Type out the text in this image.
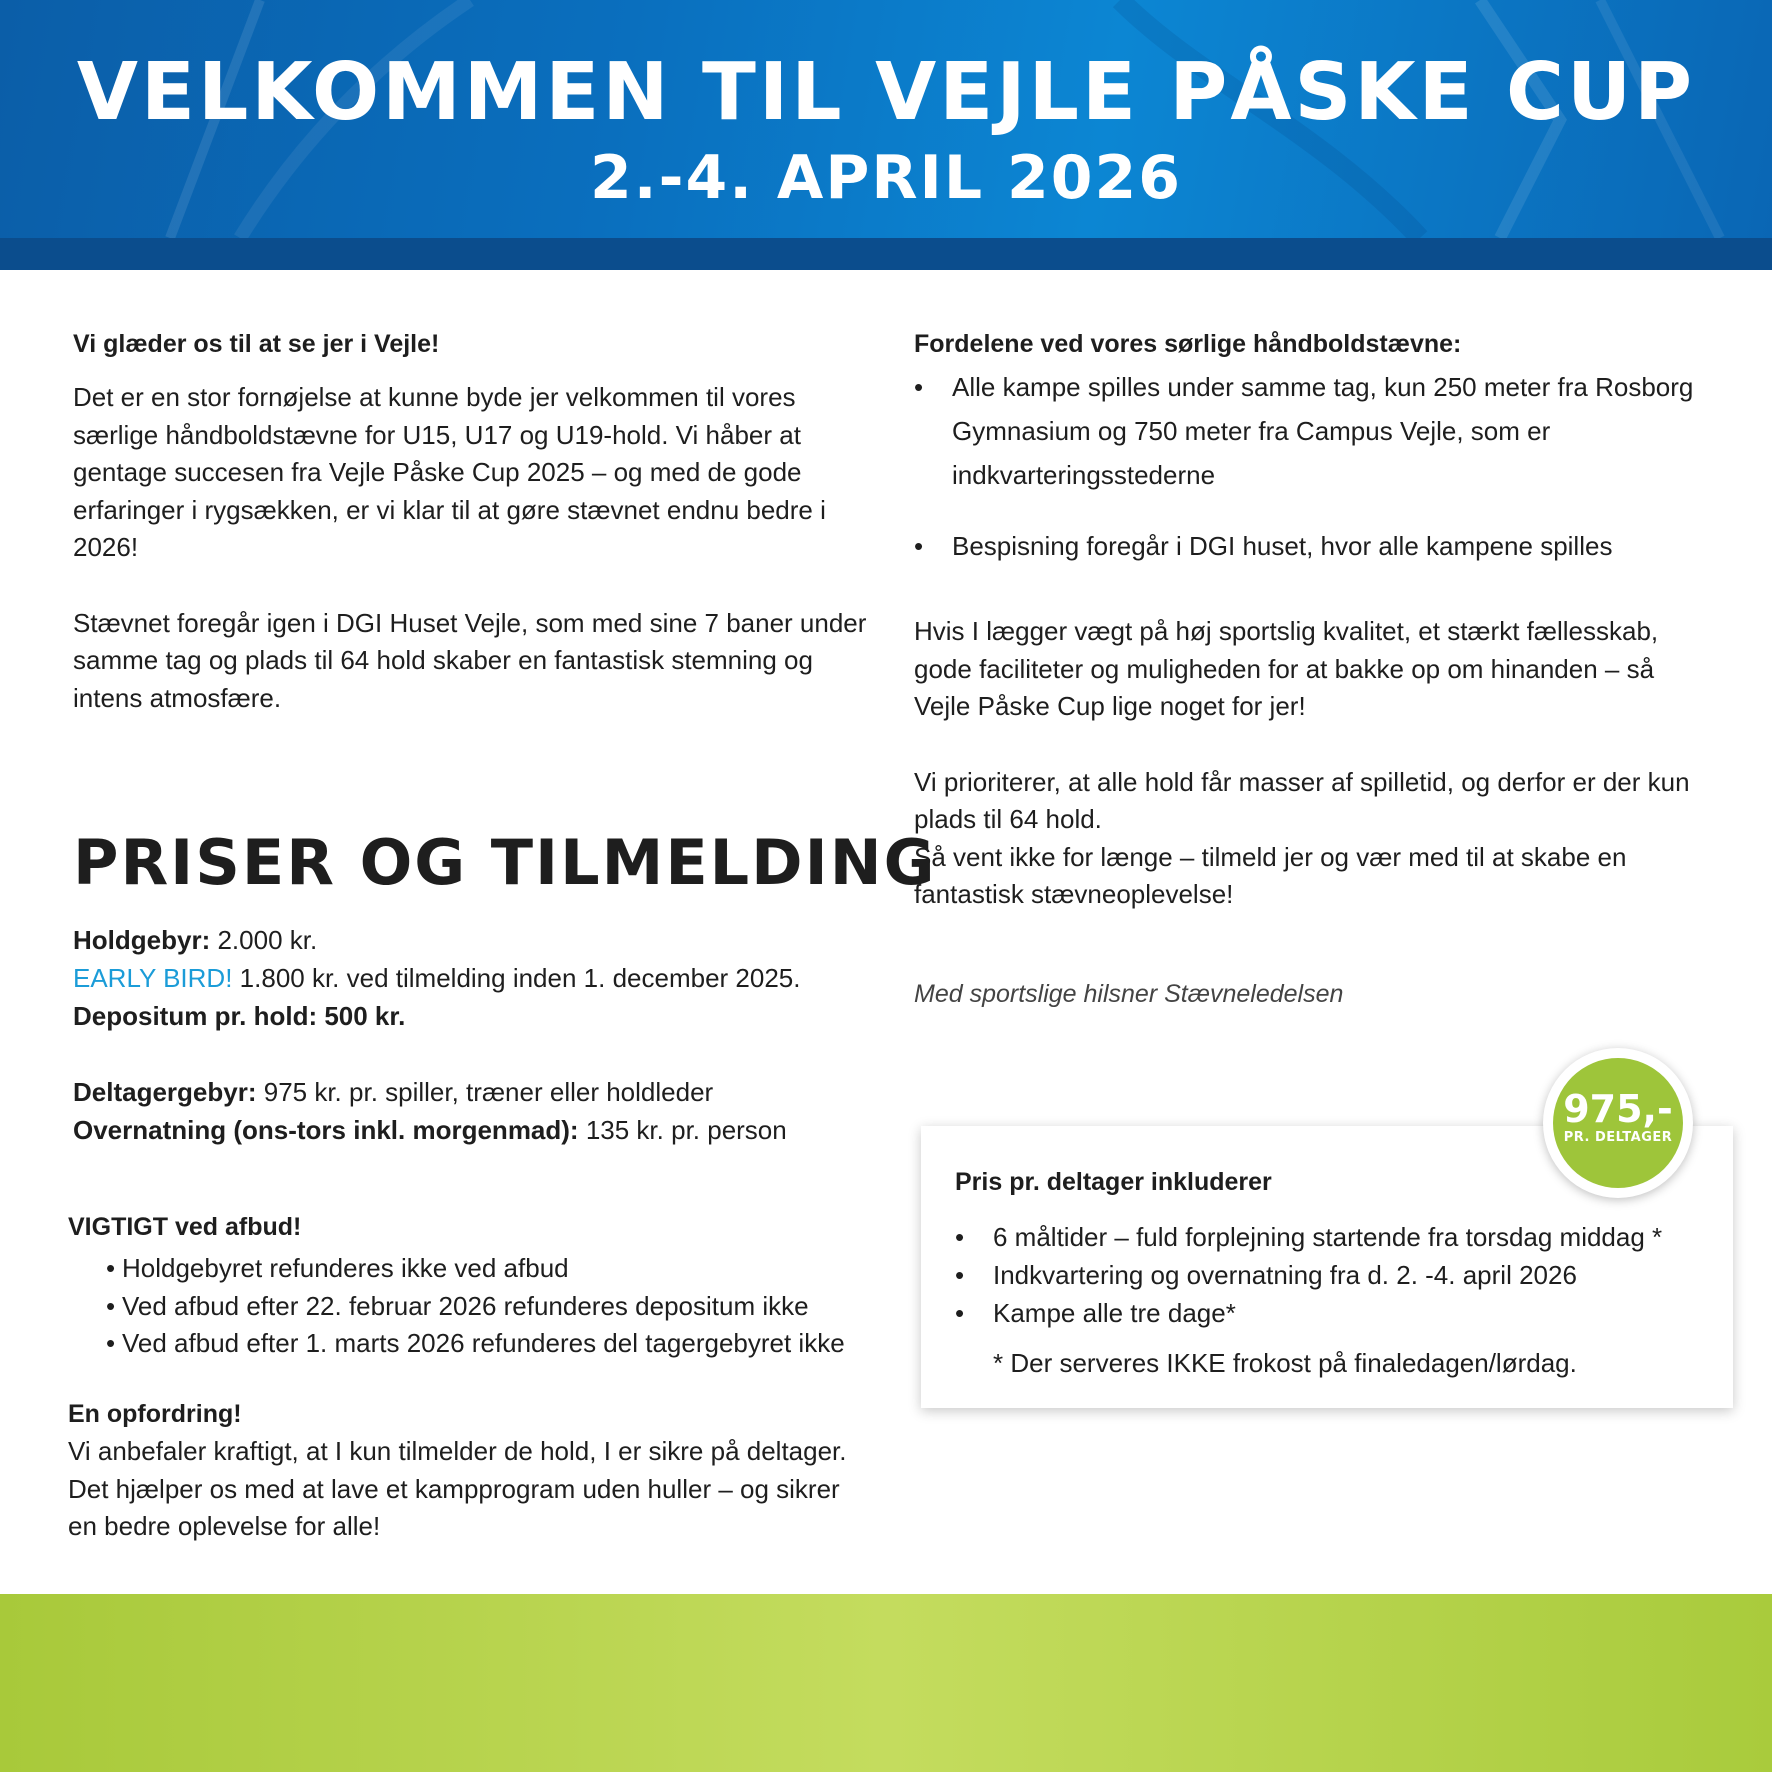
VELKOMMEN TIL VEJLE PÅSKE CUP
2.-4. APRIL 2026
Vi glæder os til at se jer i Vejle!

Det er en stor fornøjelse at kunne byde jer velkommen til vores særlige håndboldstævne for U15, U17 og U19-hold. Vi håber at gentage succesen fra Vejle Påske Cup 2025 – og med de gode erfaringer i rygsækken, er vi klar til at gøre stævnet endnu bedre i 2026!

Stævnet foregår igen i DGI Huset Vejle, som med sine 7 baner under samme tag og plads til 64 hold skaber en fantastisk stemning og intens atmosfære.

PRISER OG TILMELDING
Holdgebyr: 2.000 kr.
EARLY BIRD! 1.800 kr. ved tilmelding inden 1. december 2025.
Depositum pr. hold: 500 kr.
Deltagergebyr: 975 kr. pr. spiller, træner eller holdleder
Overnatning (ons-tors inkl. morgenmad): 135 kr. pr. person
VIGTIGT ved afbud!
• Holdgebyret refunderes ikke ved afbud
• Ved afbud efter 22. februar 2026 refunderes depositum ikke
• Ved afbud efter 1. marts 2026 refunderes del tagergebyret ikke
En opfordring!
Vi anbefaler kraftigt, at I kun tilmelder de hold, I er sikre på deltager. Det hjælper os med at lave et kampprogram uden huller – og sikrer en bedre oplevelse for alle!
Fordelene ved vores sørlige håndboldstævne:
•	Alle kampe spilles under samme tag, kun 250 meter fra Rosborg Gymnasium og 750 meter fra Campus Vejle, som er indkvarteringsstederne
•	Bespisning foregår i DGI huset, hvor alle kampene spilles

Hvis I lægger vægt på høj sportslig kvalitet, et stærkt fællesskab, gode faciliteter og muligheden for at bakke op om hinanden – så Vejle Påske Cup lige noget for jer!

Vi prioriterer, at alle hold får masser af spilletid, og derfor er der kun plads til 64 hold.

Så vent ikke for længe – tilmeld jer og vær med til at skabe en fantastisk stævneoplevelse!

Med sportslige hilsner Stævneledelsen
Pris pr. deltager inkluderer
• 6 måltider – fuld forplejning startende fra torsdag middag *
• Indkvartering og overnatning fra d. 2. -4. april 2026
• Kampe alle tre dage*
* Der serveres IKKE frokost på finaledagen/lørdag.
975,-
PR. DELTAGER
